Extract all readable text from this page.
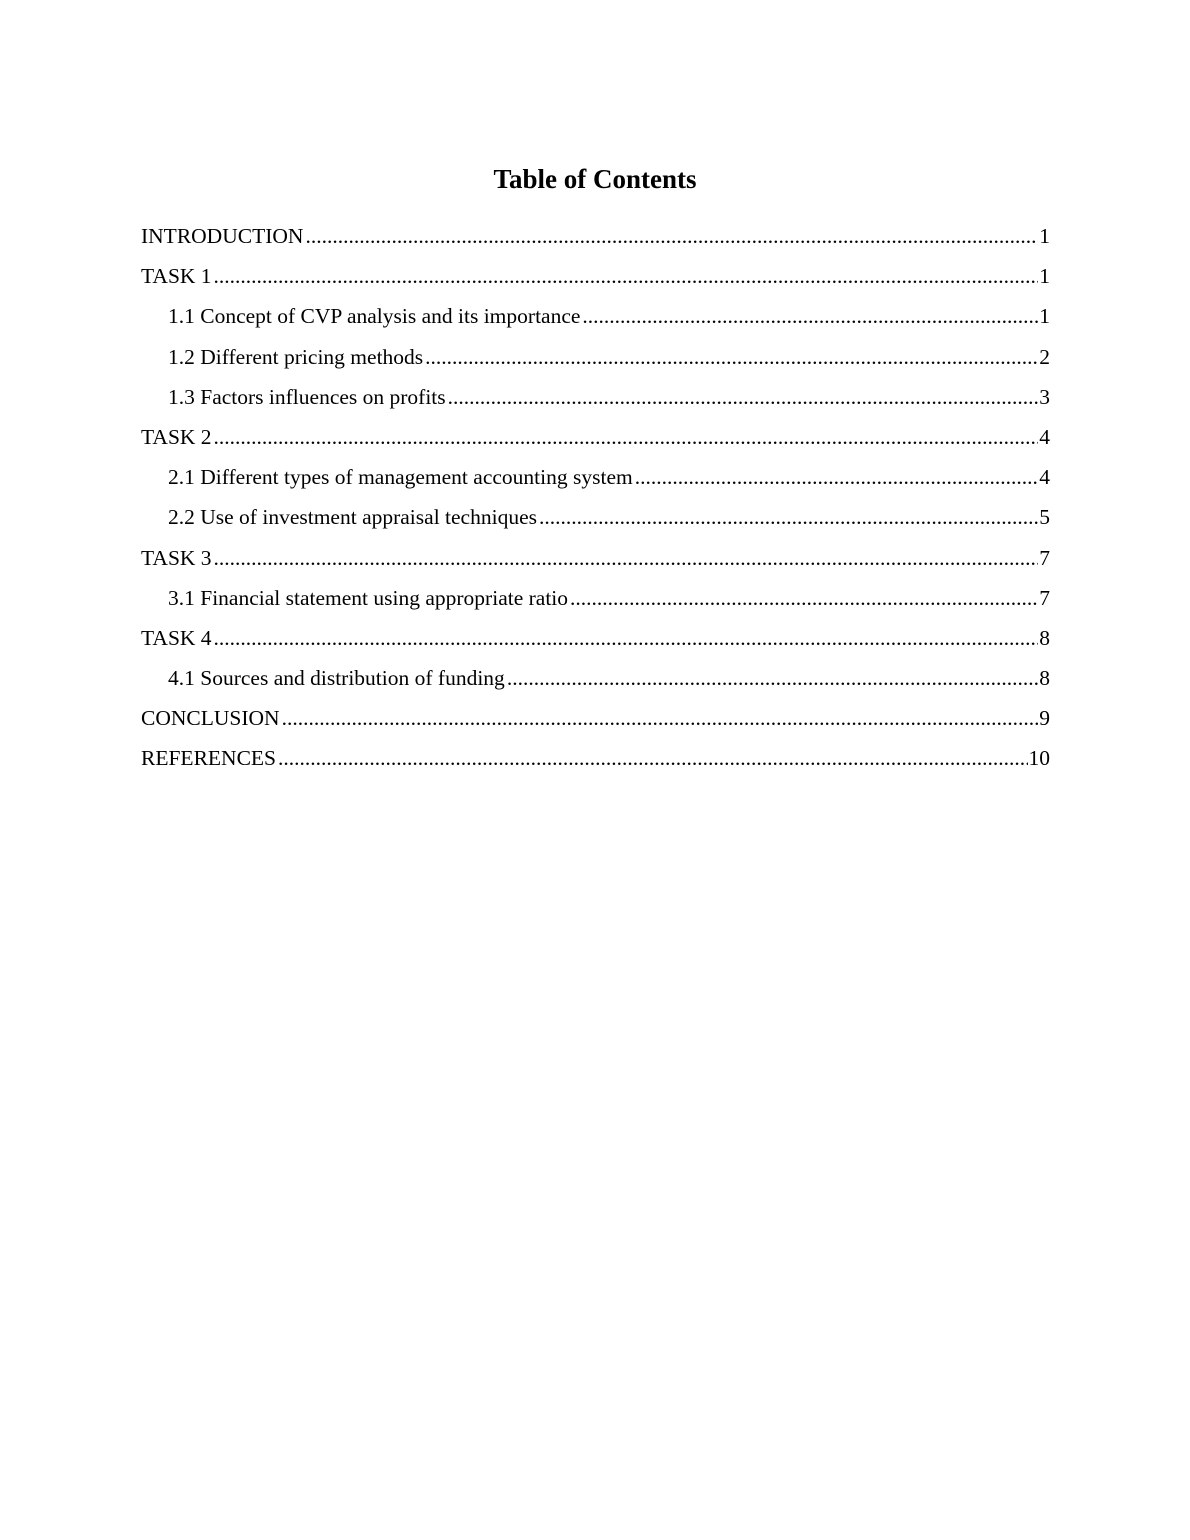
Table of Contents
INTRODUCTION .....	1
TASK 1 .....	1
1.1 Concept of CVP analysis and its importance .....	1
1.2 Different pricing methods .....	2
1.3 Factors influences on profits .....	3
TASK 2 .....	4
2.1 Different types of management accounting system .....	4
2.2 Use of investment appraisal techniques .....	5
TASK 3 .....	7
3.1 Financial statement using appropriate ratio .....	7
TASK 4 .....	8
4.1 Sources and distribution of funding .....	8
CONCLUSION .....	9
REFERENCES .....	10
